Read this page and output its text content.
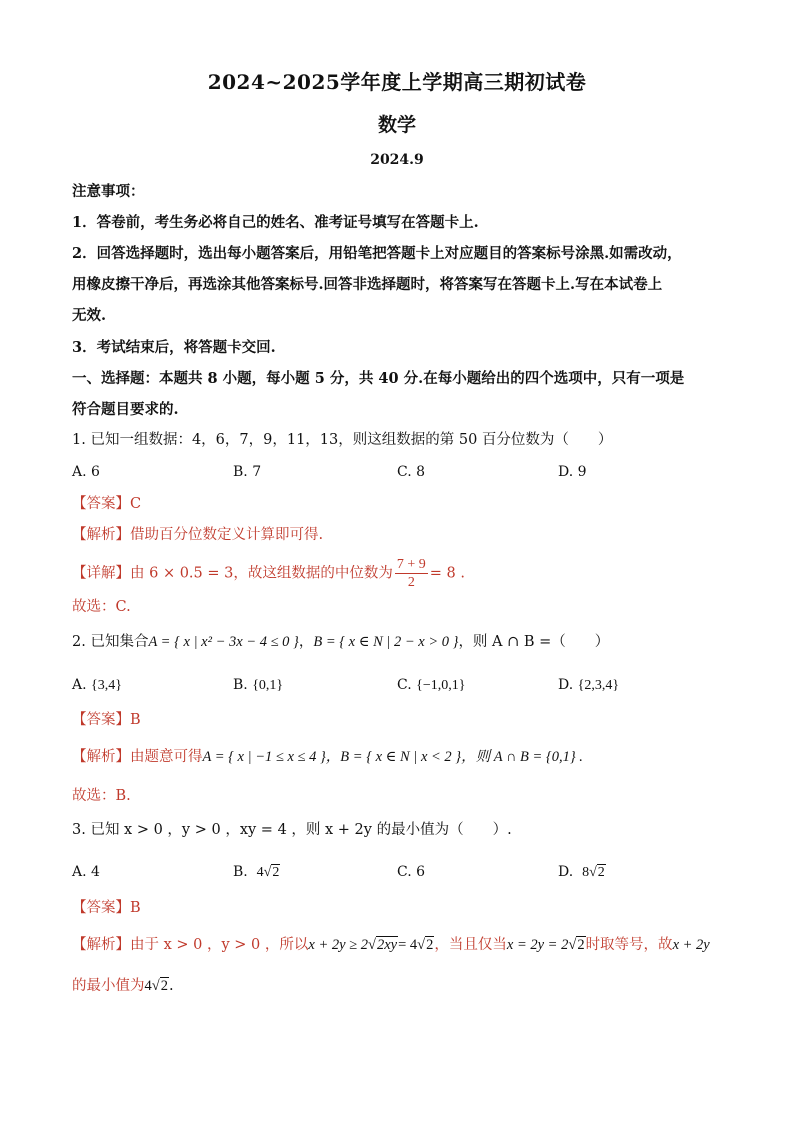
2024~2025学年度上学期高三期初试卷
数学
2024.9
注意事项：
1．答卷前，考生务必将自己的姓名、准考证号填写在答题卡上.
2．回答选择题时，选出每小题答案后，用铅笔把答题卡上对应题目的答案标号涂黑.如需改动，
用橡皮擦干净后，再选涂其他答案标号.回答非选择题时，将答案写在答题卡上.写在本试卷上
无效.
3．考试结束后，将答题卡交回.
一、选择题：本题共 8 小题，每小题 5 分，共 40 分.在每小题给出的四个选项中，只有一项是
符合题目要求的.
1. 已知一组数据：4，6，7，9，11，13，则这组数据的第 50 百分位数为（　　）
A. 6	B. 7	C. 8	D. 9
【答案】C
【解析】借助百分位数定义计算即可得.
【详解】由 6 × 0.5 = 3，故这组数据的中位数为 $\frac{7 + 9}{2} = 8$ .
故选：C.
2. 已知集合A = { x | x² − 3x − 4 ≤ 0 }，B = { x ∈ N | 2 − x > 0 }，则 A ∩ B =（　　）
A. {3,4}	B. {0,1}	C. {−1,0,1}	D. {2,3,4}
【答案】B
【解析】由题意可得A = { x | −1 ≤ x ≤ 4 }，B = { x ∈ N | x < 2 }，则 A ∩ B = {0,1} .
故选：B.
3. 已知 x > 0 ，y > 0 ，xy = 4 ，则 x + 2y 的最小值为（　　）.
A. 4	B. 4√2	C. 6	D. 8√2
【答案】B
【解析】由于 x > 0 ，y > 0 ，所以x + 2y ≥ 2√2xy= 4√2，当且仅当x = 2y = 2√2时取等号，故x + 2y
的最小值为4√2.
